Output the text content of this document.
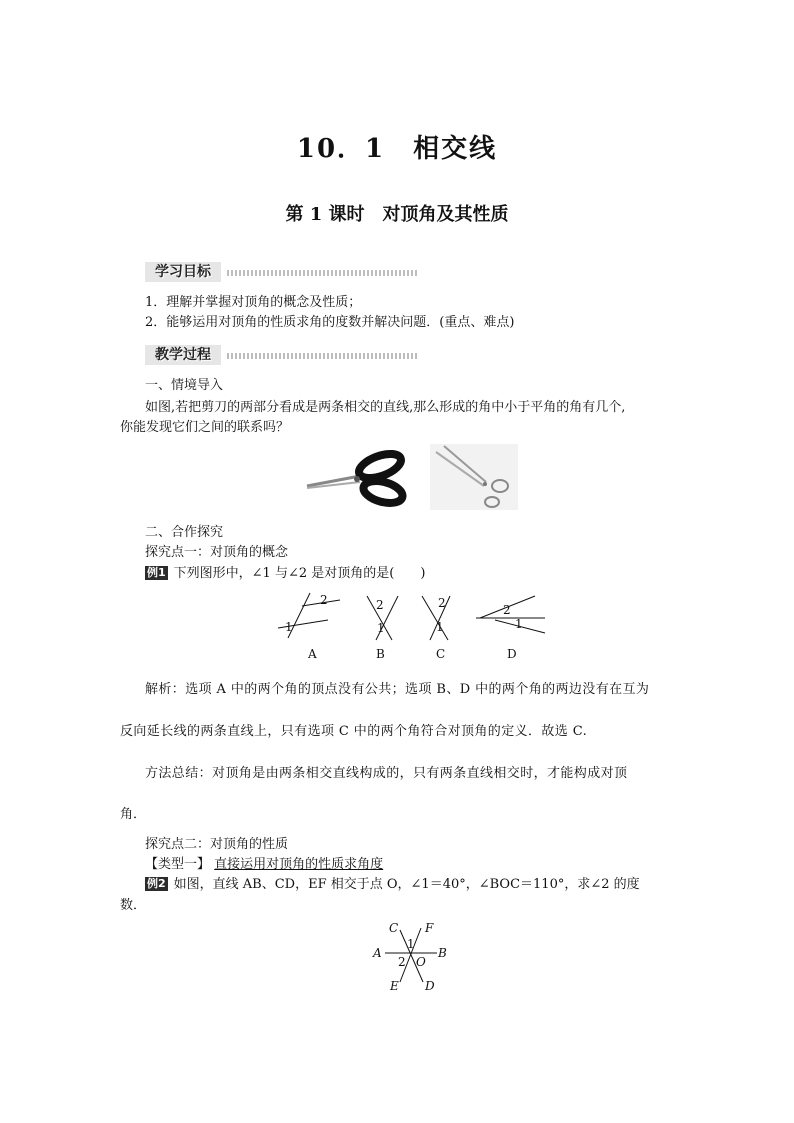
10．1　相交线
第 1 课时　对顶角及其性质
学习目标
1．理解并掌握对顶角的概念及性质；
2．能够运用对顶角的性质求角的度数并解决问题．(重点、难点)
教学过程
一、情境导入
如图,若把剪刀的两部分看成是两条相交的直线,那么形成的角中小于平角的角有几个,
你能发现它们之间的联系吗？
二、合作探究
探究点一：对顶角的概念
例1 下列图形中，∠1 与∠2 是对顶角的是(　　)
2
1
A
2
1
B
2
1
C
2
1
D
解析：选项 A 中的两个角的顶点没有公共；选项 B、D 中的两个角的两边没有在互为
反向延长线的两条直线上，只有选项 C 中的两个角符合对顶角的定义．故选 C.
方法总结：对顶角是由两条相交直线构成的，只有两条直线相交时，才能构成对顶
角．
探究点二：对顶角的性质
【类型一】 直接运用对顶角的性质求角度
例2 如图，直线 AB、CD，EF 相交于点 O，∠1＝40°，∠BOC＝110°，求∠2 的度
数．
C F
A	B
O
1
2
E D
